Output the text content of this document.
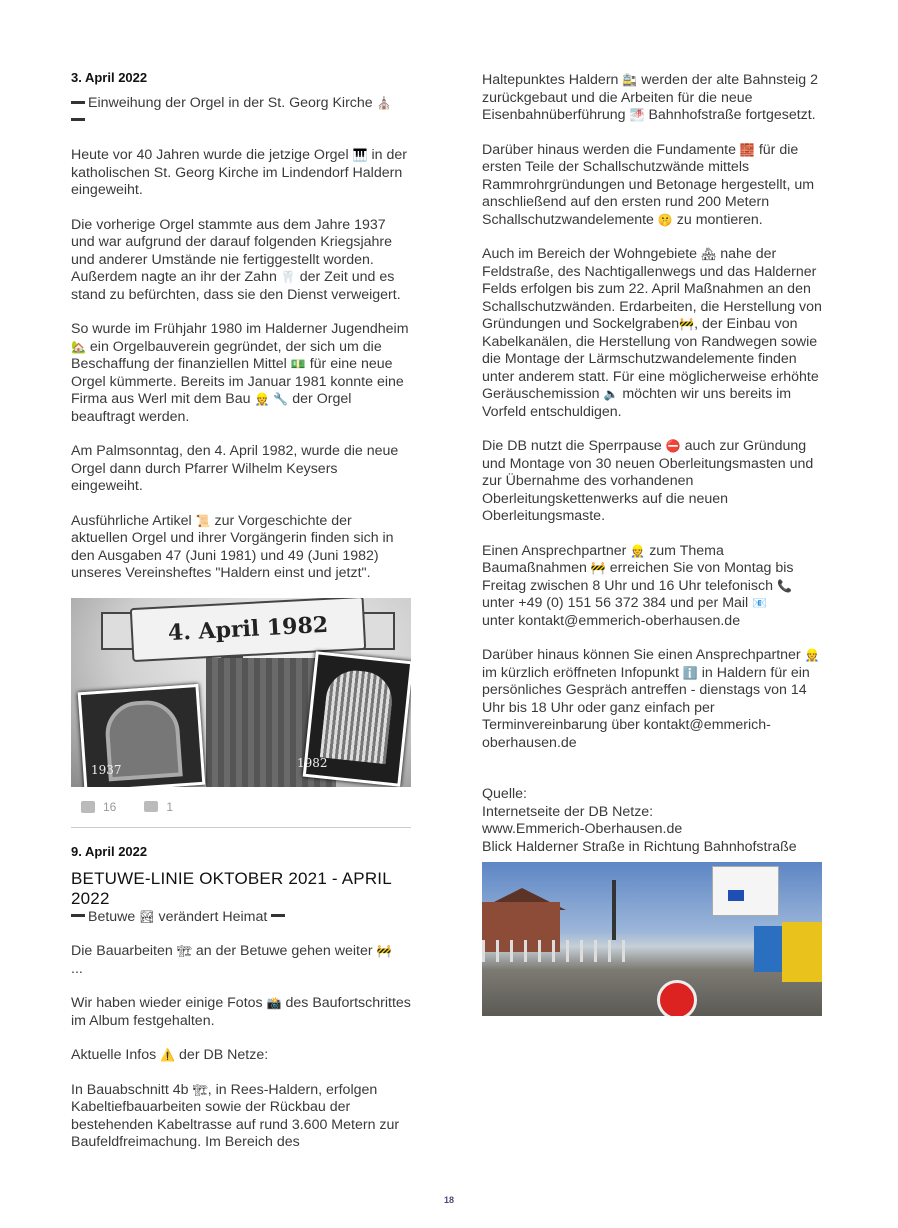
3. April 2022

Einweihung der Orgel in der St. Georg Kirche ⛪

Heute vor 40 Jahren wurde die jetzige Orgel 🎹 in der katholischen St. Georg Kirche im Lindendorf Haldern eingeweiht.

Die vorherige Orgel stammte aus dem Jahre 1937 und war aufgrund der darauf folgenden Kriegsjahre und anderer Umstände nie fertiggestellt worden. Außerdem nagte an ihr der Zahn 🦷 der Zeit und es stand zu befürchten, dass sie den Dienst verweigert.

So wurde im Frühjahr 1980 im Halderner Jugendheim 🏡 ein Orgelbauverein gegründet, der sich um die Beschaffung der finanziellen Mittel 💵 für eine neue Orgel kümmerte. Bereits im Januar 1981 konnte eine Firma aus Werl mit dem Bau 👷 🔧 der Orgel beauftragt werden.

Am Palmsonntag, den 4. April 1982, wurde die neue Orgel dann durch Pfarrer Wilhelm Keysers eingeweiht.

Ausführliche Artikel 📜 zur Vorgeschichte der aktuellen Orgel und ihrer Vorgängerin finden sich in den Ausgaben 47 (Juni 1981) und 49 (Juni 1982) unseres Vereinsheftes "Haldern einst und jetzt".

4. April 1982
1937	1982
16	1
9. April 2022
BETUWE-LINIE OKTOBER 2021 - APRIL 2022

Betuwe 🏞 verändert Heimat

Die Bauarbeiten 🏗 an der Betuwe gehen weiter 🚧
...

Wir haben wieder einige Fotos 📸 des Baufortschrittes im Album festgehalten.

Aktuelle Infos ⚠️ der DB Netze:

In Bauabschnitt 4b 🏗, in Rees-Haldern, erfolgen Kabeltiefbauarbeiten sowie der Rückbau der bestehenden Kabeltrasse auf rund 3.600 Metern zur Baufeldfreimachung. Im Bereich des

Haltepunktes Haldern 🚉 werden der alte Bahnsteig 2 zurückgebaut und die Arbeiten für die neue Eisenbahnüberführung 🌁 Bahnhofstraße fortgesetzt.

Darüber hinaus werden die Fundamente 🧱 für die ersten Teile der Schallschutzwände mittels Rammrohrgründungen und Betonage hergestellt, um anschließend auf den ersten rund 200 Metern Schallschutzwandelemente 🤫 zu montieren.

Auch im Bereich der Wohngebiete 🏘 nahe der Feldstraße, des Nachtigallenwegs und das Halderner Felds erfolgen bis zum 22. April Maßnahmen an den Schallschutzwänden. Erdarbeiten, die Herstellung von Gründungen und Sockelgraben🚧, der Einbau von Kabelkanälen, die Herstellung von Randwegen sowie die Montage der Lärmschutzwandelemente finden unter anderem statt. Für eine möglicherweise erhöhte Geräuschemission 🔈 möchten wir uns bereits im Vorfeld entschuldigen.

Die DB nutzt die Sperrpause ⛔ auch zur Gründung und Montage von 30 neuen Oberleitungsmasten und zur Übernahme des vorhandenen Oberleitungskettenwerks auf die neuen Oberleitungsmaste.

Einen Ansprechpartner 👷 zum Thema Baumaßnahmen 🚧 erreichen Sie von Montag bis Freitag zwischen 8 Uhr und 16 Uhr telefonisch 📞 unter +49 (0) 151 56 372 384 und per Mail 📧
unter kontakt@emmerich-oberhausen.de

Darüber hinaus können Sie einen Ansprechpartner 👷 im kürzlich eröffneten Infopunkt ℹ️ in Haldern für ein persönliches Gespräch antreffen - dienstags von 14 Uhr bis 18 Uhr oder ganz einfach per Terminvereinbarung über kontakt@emmerich-oberhausen.de

Quelle:
Internetseite der DB Netze:
www.Emmerich-Oberhausen.de
Blick Halderner Straße in Richtung Bahnhofstraße

18
